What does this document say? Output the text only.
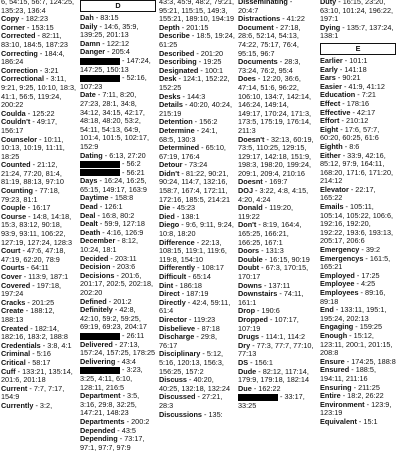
6, 54:15, 56:7, 124:25, 135:23, 136:4
Copy - 182:23
Corner - 153:15
Corrected - 82:11, 83:10, 184:5, 187:23
Correcting - 184:4, 186:24
Correction - 3:21
Correctional - 3:11, 9:21, 9:25, 10:10, 18:3, 41:1, 56:5, 119:24, 200:22
Coulda - 125:22
Couldn't - 49:17, 156:17
Counselor - 10:11, 10:13, 10:19, 11:11, 18:25
Counted - 21:12, 21:24, 77:20, 81:4, 81:19, 88:13, 97:10
Counting - 77:18, 79:23, 81:1
Couple - 16:17
Course - 14:8, 14:18, 15:3, 83:12, 90:18, 93:9, 93:11, 106:22, 127:19, 127:24, 128:3
Court - 47:6, 47:18, 47:19, 62:20, 78:9
Courts - 64:11
Cover - 113:9, 187:1
Covered - 197:18, 197:24
Cracks - 201:25
Create - 188:12, 188:13
Created - 182:14, 182:16, 183:2, 188:8
Credentials - 3:8, 4:1
Criminal - 5:16
Critical - 58:17
Cuff - 133:21, 135:14, 201:6, 201:18
Current - 7:7, 7:17, 154:9
Currently - 3:2,
D
Dah - 83:15
Daily - 14:6, 35:9, 139:25, 201:13
Damn - 122:12
Danger - 205:4
- 147:24, 147:25, 150:13
- 52:16, 107:23
Date - 7:11, 8:20, 27:23, 28:1, 34:8, 34:12, 34:15, 42:17, 48:18, 48:20, 53:2, 54:11, 54:13, 64:9, 101:4, 101:5, 102:17, 152:9
Dating - 6:13, 27:20
- 56:2
- 56:21
Days - 16:24, 16:25, 65:15, 149:17, 163:9
Daytime - 158:8
Dead - 126:1
Deal - 16:8, 80:2
Dealt - 59:9, 127:18
Death - 4:16, 126:9
December - 8:12, 10:24, 18:1
Decided - 203:11
Decision - 203:6
Decisions - 201:6, 201:17, 202:5, 202:18, 202:20
Defined - 201:2
Definitely - 42:8, 42:10, 59:2, 59:25, 69:19, 69:23, 204:17
- 26:11
Delivered - 27:13, 157:24, 157:25, 178:25
Delivering - 43:4
- 3:23, 3:25, 4:11, 6:10, 128:11, 216:5
Department - 3:5, 3:16, 29:8, 32:25, 147:21, 148:23
Departments - 200:2
Depended - 43:5
Depending - 73:17, 97:1, 97:7, 97:9
43:3, 45:9, 48:2, 79:21, 95:21, 115:15, 149:3, 155:21, 189:10, 194:19
Depth - 201:15
Describe - 18:5, 19:24, 61:25
Described - 201:20
Describing - 19:25
Designated - 100:1
Desk - 124:1, 152:22, 152:25
Desks - 144:3
Details - 40:20, 40:24, 215:19
Detention - 156:2
Determine - 24:1, 68:5, 130:3
Determined - 65:10, 67:19, 176:4
Detour - 73:24
Didn't - 81:22, 90:21, 90:24, 114:7, 132:16, 158:7, 167:4, 172:11, 172:16, 185:5, 214:21
Die - 45:23
Died - 138:1
Diego - 9:6, 9:11, 9:24, 10:8, 18:20
Difference - 22:13, 108:15, 119:1, 119:6, 119:8, 154:10
Differently - 108:17
Difficult - 65:14
Dint - 186:18
Direct - 187:19
Directly - 42:4, 59:11, 61:4
Director - 119:23
Disbelieve - 87:18
Discharge - 29:8, 76:17
Disciplinary - 5:12, 5:16, 120:13, 156:3, 156:25, 157:2
Discuss - 40:20, 40:25, 132:18, 132:24
Discussed - 27:21, 28:3
Discussions - 135:
Disseminating - 20:4:7
Distractions - 41:22
Document - 27:18, 28:6, 52:14, 54:13, 74:22, 75:17, 76:4, 95:15, 96:7
Documents - 28:3, 73:24, 76:2, 95:4
Does - 12:20, 36:6, 47:14, 51:6, 96:22, 106:10, 134:7, 142:14, 146:24, 149:14, 149:17, 170:24, 171:3, 173:5, 175:19, 176:14, 211:3
Doesn't - 32:13, 60:19, 73:5, 110:25, 129:15, 129:17, 142:18, 151:9, 198:3, 198:20, 199:24, 209:1, 209:4, 210:16
Doesnt - 169:7
DOJ - 3:22, 4:8, 4:15, 4:20, 4:24
Donald - 119:20, 119:22
Don't - 8:19, 164:4, 165:25, 166:21, 166:25, 167:1
Doors - 131:3
Double - 16:15, 90:19
Doubt - 67:3, 170:15, 170:17
Downs - 137:11
Downstairs - 74:11, 161:1
Drop - 190:6
Dropped - 107:17, 107:19
Drugs - 114:1, 114:2
Dry - 77:3, 77:7, 77:10, 77:13
DS - 156:1
Dude - 82:12, 117:14, 179:9, 179:18, 182:14
Due - 162:22
- 33:17, 33:25
Duty - 16:15, 23:20, 63:10, 101:24, 196:22, 197:1
Dying - 135:7, 137:24, 138:1
E
Earlier - 101:1
Early - 141:18
Ears - 90:21
Easier - 41:9, 41:12
Education - 7:21
Effect - 178:16
Effective - 42:17
Effort - 210:12
Eight - 17:6, 57:7, 60:20, 60:25, 61:6
Eighth - 8:6
Either - 33:9, 42:16, 85:12, 97:9, 164:11, 168:20, 171:6, 171:20, 214:12
Elevator - 22:17, 165:22
Emails - 105:11, 105:14, 105:22, 106:6, 192:16, 192:20, 192:22, 193:6, 193:13, 205:17, 206:6
Emergency - 39:2
Emergencys - 161:5, 165:21
Employed - 17:25
Employee - 4:25
Employees - 89:16, 89:18
End - 133:11, 195:1, 195:24, 202:13
Engaging - 159:25
Enough - 15:12, 123:11, 200:1, 201:15, 208:8
Ensure - 174:25, 188:8
Ensured - 188:5, 194:11, 211:16
Ensuring - 211:25
Entire - 18:2, 26:22
Environment - 123:9, 123:19
Equivalent - 15:1
